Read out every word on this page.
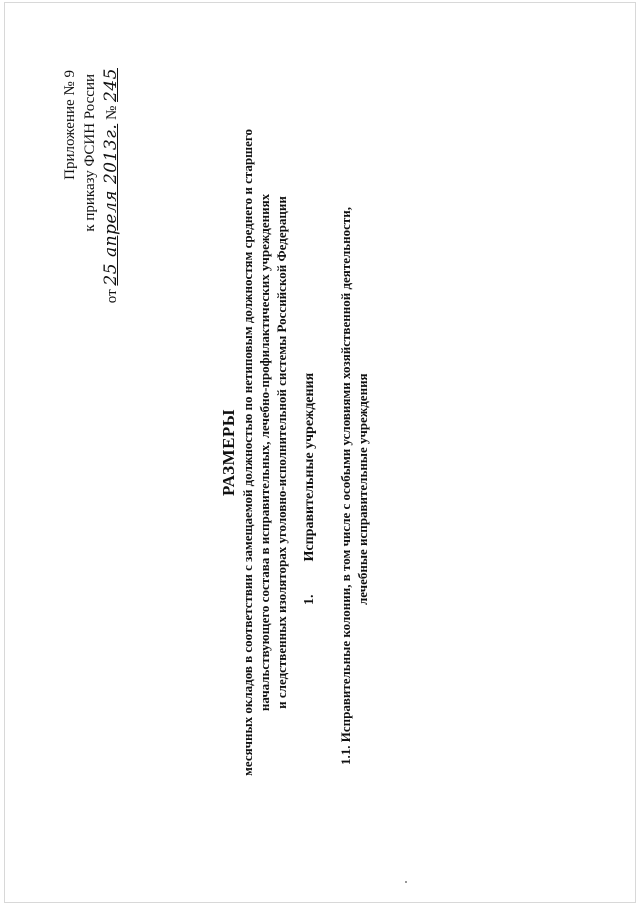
Приложение № 9 к приказу ФСИН России
от 25 апреля 2013г. № 245
РАЗМЕРЫ месячных окладов в соответствии с замещаемой должностью по нетиповым должностям среднего и старшего начальствующего состава в исправительных, лечебно-профилактических учреждениях и следственных изоляторах уголовно-исполнительной системы Российской Федерации 1. Исправительные учреждения 1.1. Исправительные колонии, в том числе с особыми условиями хозяйственной деятельности, лечебные исправительные учреждения
